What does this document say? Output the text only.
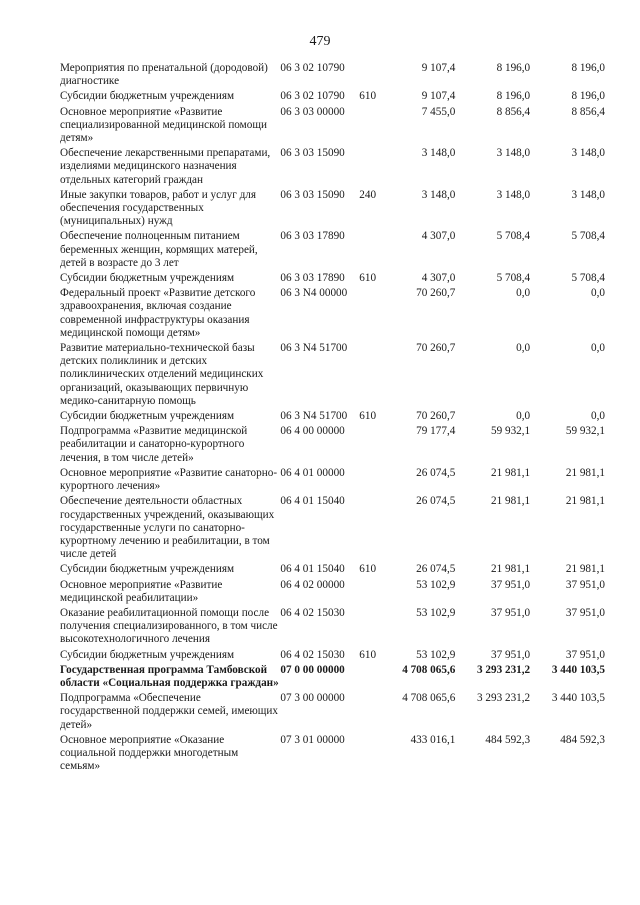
479
Мероприятия по пренатальной (дородовой) диагностике	06 3 02 10790		9 107,4	8 196,0	8 196,0
Субсидии бюджетным учреждениям	06 3 02 10790	610	9 107,4	8 196,0	8 196,0
Основное мероприятие «Развитие специализированной медицинской помощи детям»	06 3 03 00000		7 455,0	8 856,4	8 856,4
Обеспечение лекарственными препаратами, изделиями медицинского назначения отдельных категорий граждан	06 3 03 15090		3 148,0	3 148,0	3 148,0
Иные закупки товаров, работ и услуг для обеспечения государственных (муниципальных) нужд	06 3 03 15090	240	3 148,0	3 148,0	3 148,0
Обеспечение полноценным питанием беременных женщин, кормящих матерей, детей в возрасте до 3 лет	06 3 03 17890		4 307,0	5 708,4	5 708,4
Субсидии бюджетным учреждениям	06 3 03 17890	610	4 307,0	5 708,4	5 708,4
Федеральный проект «Развитие детского здравоохранения, включая создание современной инфраструктуры оказания медицинской помощи детям»	06 3 N4 00000		70 260,7	0,0	0,0
Развитие материально-технической базы детских поликлиник и детских поликлинических отделений медицинских организаций, оказывающих первичную медико-санитарную помощь	06 3 N4 51700		70 260,7	0,0	0,0
Субсидии бюджетным учреждениям	06 3 N4 51700	610	70 260,7	0,0	0,0
Подпрограмма «Развитие медицинской реабилитации и санаторно-курортного лечения, в том числе детей»	06 4 00 00000		79 177,4	59 932,1	59 932,1
Основное мероприятие «Развитие санаторно-курортного лечения»	06 4 01 00000		26 074,5	21 981,1	21 981,1
Обеспечение деятельности областных государственных учреждений, оказывающих государственные услуги по санаторно-курортному лечению и реабилитации, в том числе детей	06 4 01 15040		26 074,5	21 981,1	21 981,1
Субсидии бюджетным учреждениям	06 4 01 15040	610	26 074,5	21 981,1	21 981,1
Основное мероприятие «Развитие медицинской реабилитации»	06 4 02 00000		53 102,9	37 951,0	37 951,0
Оказание реабилитационной помощи после получения специализированного, в том числе высокотехнологичного лечения	06 4 02 15030		53 102,9	37 951,0	37 951,0
Субсидии бюджетным учреждениям	06 4 02 15030	610	53 102,9	37 951,0	37 951,0
Государственная программа Тамбовской области «Социальная поддержка граждан»	07 0 00 00000		4 708 065,6	3 293 231,2	3 440 103,5
Подпрограмма «Обеспечение государственной поддержки семей, имеющих детей»	07 3 00 00000		4 708 065,6	3 293 231,2	3 440 103,5
Основное мероприятие «Оказание социальной поддержки многодетным семьям»	07 3 01 00000		433 016,1	484 592,3	484 592,3
